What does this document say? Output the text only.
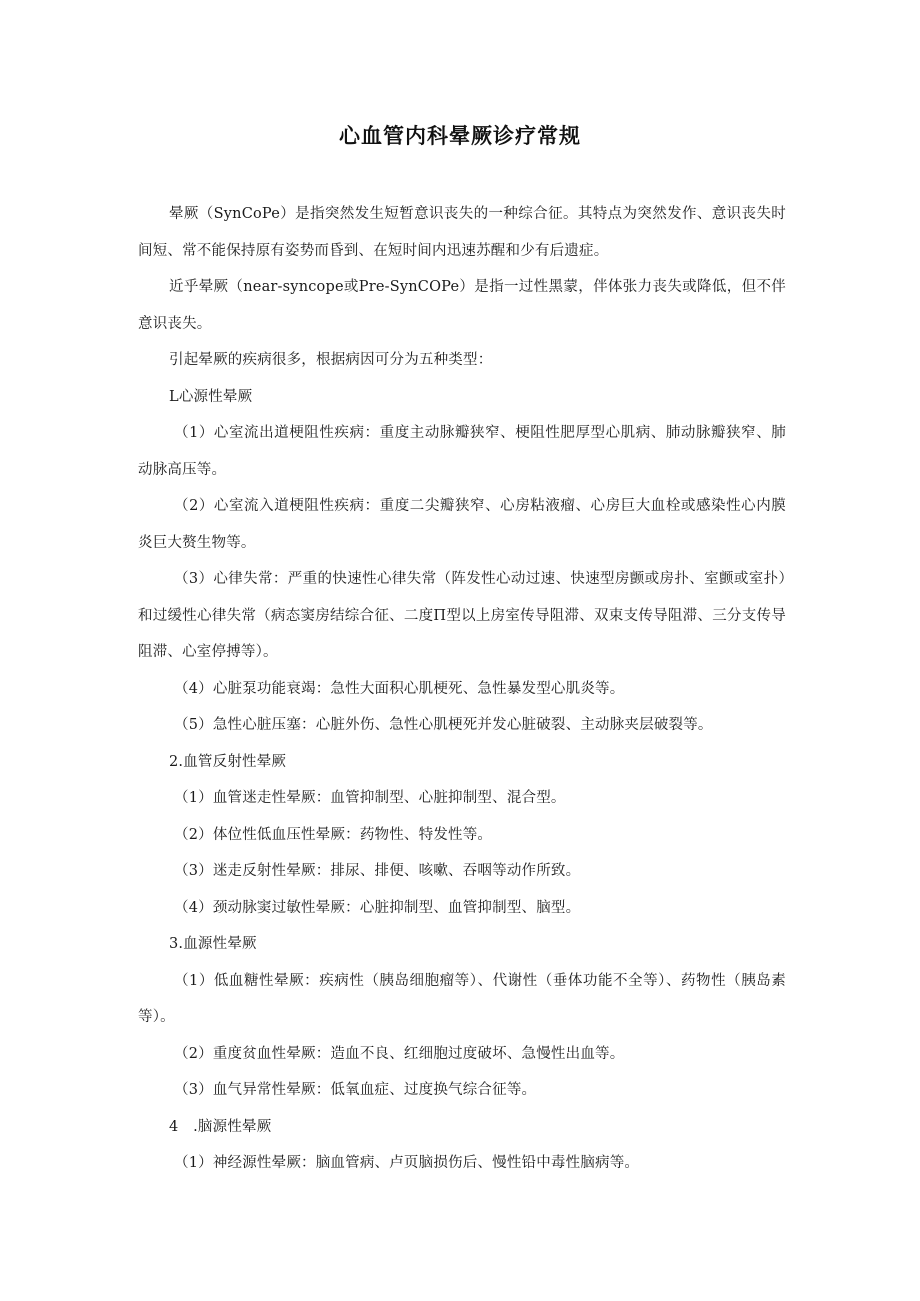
心血管内科晕厥诊疗常规

晕厥（SynCoPe）是指突然发生短暂意识丧失的一种综合征。其特点为突然发作、意识丧失时间短、常不能保持原有姿势而昏到、在短时间内迅速苏醒和少有后遗症。

近乎晕厥（near-syncope或Pre-SynCOPe）是指一过性黑蒙，伴体张力丧失或降低，但不伴意识丧失。

引起晕厥的疾病很多，根据病因可分为五种类型：

L心源性晕厥

（1）心室流出道梗阻性疾病：重度主动脉瓣狭窄、梗阻性肥厚型心肌病、肺动脉瓣狭窄、肺动脉高压等。

（2）心室流入道梗阻性疾病：重度二尖瓣狭窄、心房粘液瘤、心房巨大血栓或感染性心内膜炎巨大赘生物等。

（3）心律失常：严重的快速性心律失常（阵发性心动过速、快速型房颤或房扑、室颤或室扑）和过缓性心律失常（病态窦房结综合征、二度Π型以上房室传导阻滞、双束支传导阻滞、三分支传导阻滞、心室停搏等）。

（4）心脏泵功能衰竭：急性大面积心肌梗死、急性暴发型心肌炎等。

（5）急性心脏压塞：心脏外伤、急性心肌梗死并发心脏破裂、主动脉夹层破裂等。

2.血管反射性晕厥

（1）血管迷走性晕厥：血管抑制型、心脏抑制型、混合型。

（2）体位性低血压性晕厥：药物性、特发性等。

（3）迷走反射性晕厥：排尿、排便、咳嗽、吞咽等动作所致。

（4）颈动脉窦过敏性晕厥：心脏抑制型、血管抑制型、脑型。

3.血源性晕厥

（1）低血糖性晕厥：疾病性（胰岛细胞瘤等）、代谢性（垂体功能不全等）、药物性（胰岛素等）。

（2）重度贫血性晕厥：造血不良、红细胞过度破坏、急慢性出血等。

（3）血气异常性晕厥：低氧血症、过度换气综合征等。

4　.脑源性晕厥

（1）神经源性晕厥：脑血管病、卢页脑损伤后、慢性铅中毒性脑病等。
